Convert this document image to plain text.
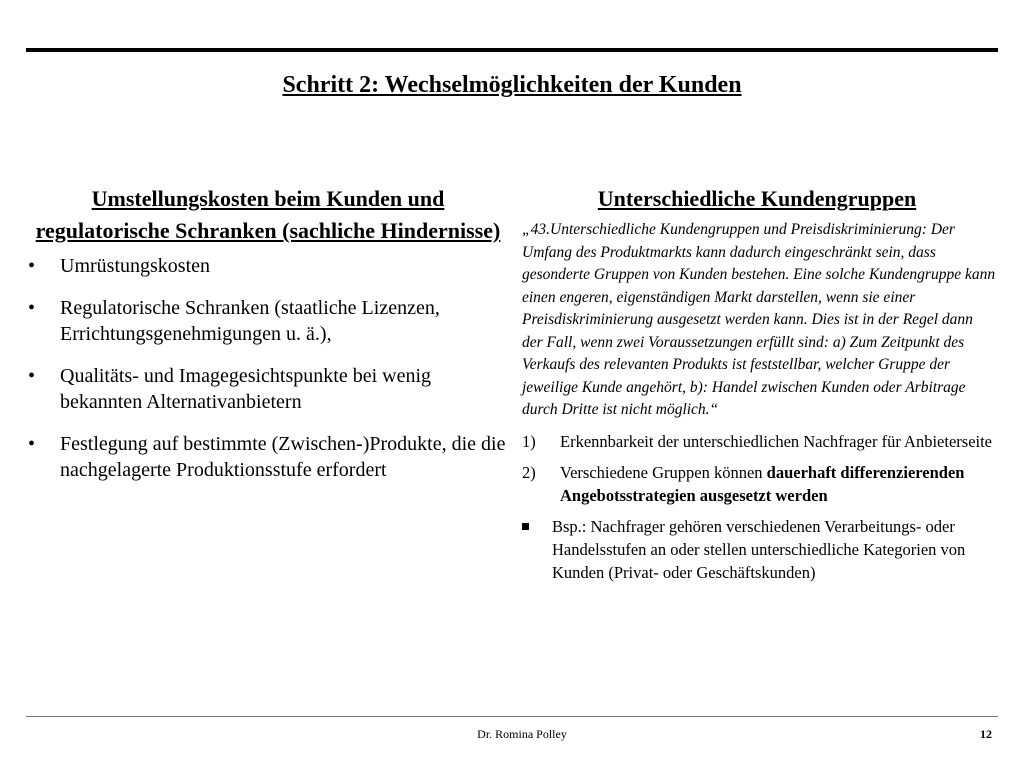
Schritt 2: Wechselmöglichkeiten der Kunden
Umstellungskosten beim Kunden und regulatorische Schranken (sachliche Hindernisse)
•	Umrüstungskosten
•	Regulatorische Schranken (staatliche Lizenzen, Errichtungsgenehmigungen u. ä.),
•	Qualitäts- und Imagegesichtspunkte bei wenig bekannten Alternativanbietern
•	Festlegung auf bestimmte (Zwischen-)Produkte, die die nachgelagerte Produktionsstufe erfordert
Unterschiedliche Kundengruppen
„43.Unterschiedliche Kundengruppen und Preisdiskriminierung: Der Umfang des Produktmarkts kann dadurch eingeschränkt sein, dass gesonderte Gruppen von Kunden bestehen. Eine solche Kundengruppe kann einen engeren, eigenständigen Markt darstellen, wenn sie einer Preisdiskriminierung ausgesetzt werden kann. Dies ist in der Regel dann der Fall, wenn zwei Voraussetzungen erfüllt sind: a) Zum Zeitpunkt des Verkaufs des relevanten Produkts ist feststellbar, welcher Gruppe der jeweilige Kunde angehört, b): Handel zwischen Kunden oder Arbitrage durch Dritte ist nicht möglich.“
1) Erkennbarkeit der unterschiedlichen Nachfrager für Anbieterseite
2) Verschiedene Gruppen können dauerhaft differenzierenden Angebotsstrategien ausgesetzt werden
Bsp.: Nachfrager gehören verschiedenen Verarbeitungs- oder Handelsstufen an oder stellen unterschiedliche Kategorien von Kunden (Privat- oder Geschäftskunden)
Dr. Romina Polley	12
